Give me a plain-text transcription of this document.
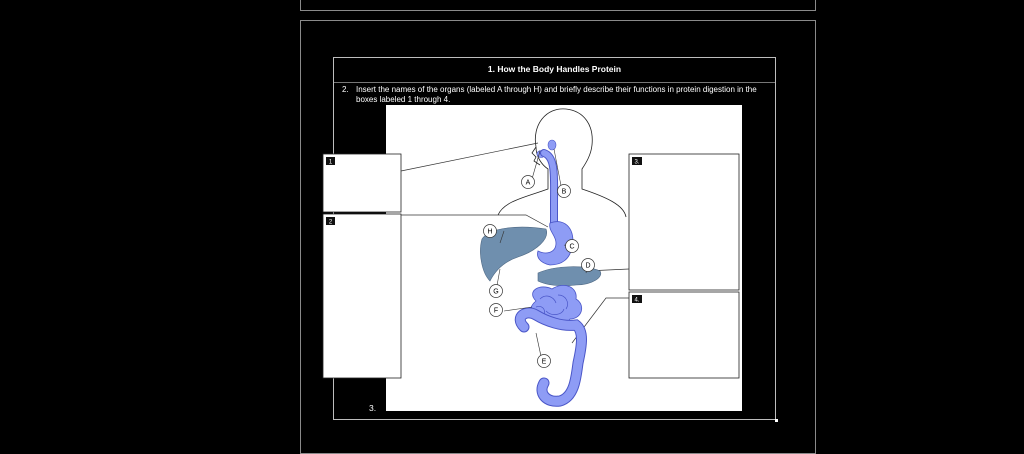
1. How the Body Handles Protein
2. Insert the names of the organs (labeled A through H) and briefly describe their functions in protein digestion in the boxes labeled 1 through 4.
3.
1
2
3.
4.
A
B
C
D
E
F
G
H
